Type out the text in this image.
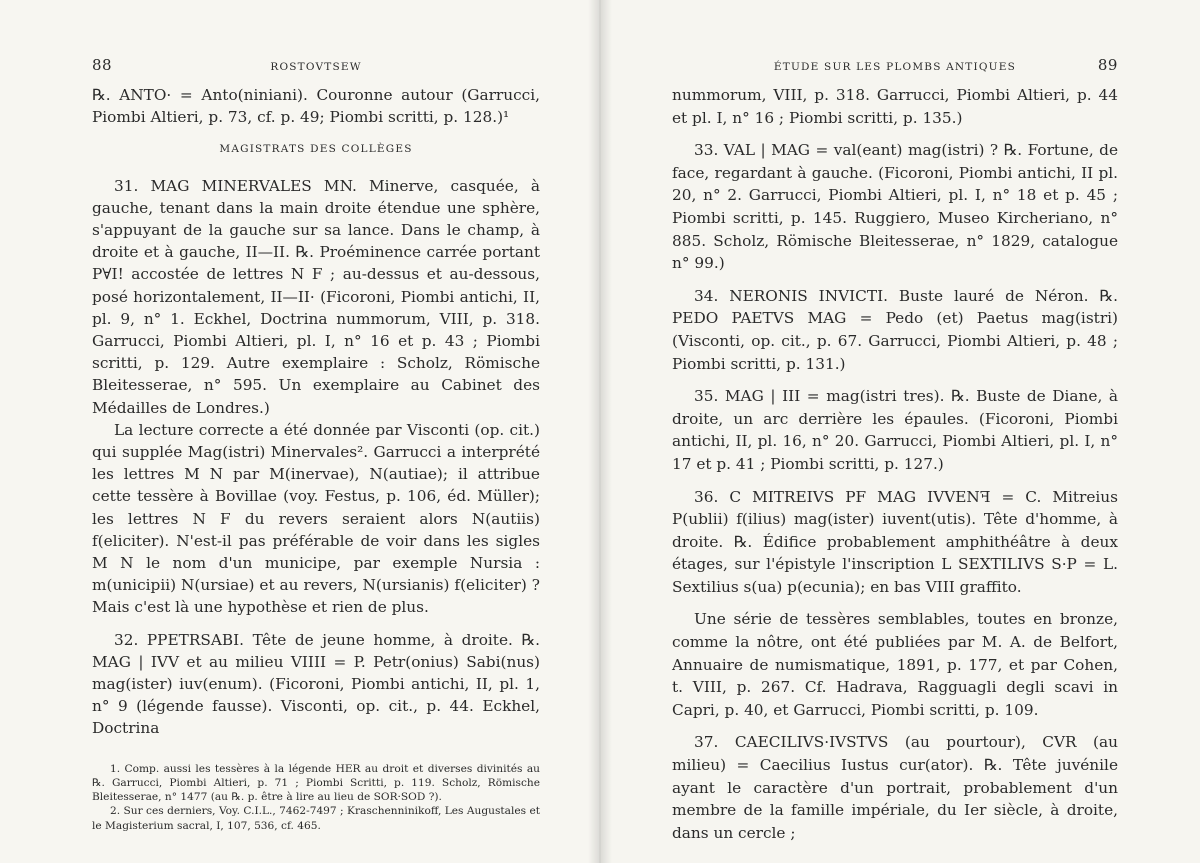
88	ROSTOVTSEW

℞. ANTO· = Anto(niniani). Couronne autour (Garrucci, Piombi Altieri, p. 73, cf. p. 49; Piombi scritti, p. 128.)¹

MAGISTRATS DES COLLÈGES

31. MAG MINERVALES MN. Minerve, casquée, à gauche, tenant dans la main droite étendue une sphère, s'appuyant de la gauche sur sa lance. Dans le champ, à droite et à gauche, II—II. ℞. Proéminence carrée portant P∀I! accostée de lettres N F ; au-dessus et au-dessous, posé horizontalement, II—II· (Ficoroni, Piombi antichi, II, pl. 9, n° 1. Eckhel, Doctrina nummorum, VIII, p. 318. Garrucci, Piombi Altieri, pl. I, n° 16 et p. 43 ; Piombi scritti, p. 129. Autre exemplaire : Scholz, Römische Bleitesserae, n° 595. Un exemplaire au Cabinet des Médailles de Londres.)

La lecture correcte a été donnée par Visconti (op. cit.) qui supplée Mag(istri) Minervales². Garrucci a interprété les lettres M N par M(inervae), N(autiae); il attribue cette tessère à Bovillae (voy. Festus, p. 106, éd. Müller); les lettres N F du revers seraient alors N(autiis) f(eliciter). N'est-il pas préférable de voir dans les sigles M N le nom d'un municipe, par exemple Nursia : m(unicipii) N(ursiae) et au revers, N(ursianis) f(eliciter) ? Mais c'est là une hypothèse et rien de plus.

32. PPETRSABI. Tête de jeune homme, à droite. ℞. MAG | IVV et au milieu VIIII = P. Petr(onius) Sabi(nus) mag(ister) iuv(enum). (Ficoroni, Piombi antichi, II, pl. 1, n° 9 (légende fausse). Visconti, op. cit., p. 44. Eckhel, Doctrina

1. Comp. aussi les tessères à la légende HER au droit et diverses divinités au ℞. Garrucci, Piombi Altieri, p. 71 ; Piombi Scritti, p. 119. Scholz, Römische Bleitesserae, n° 1477 (au ℞. p. être à lire au lieu de SOR·SOD ?).

2. Sur ces derniers, Voy. C.I.L., 7462-7497 ; Kraschenninikoff, Les Augustales et le Magisterium sacral, I, 107, 536, cf. 465.

ÉTUDE SUR LES PLOMBS ANTIQUES	89

nummorum, VIII, p. 318. Garrucci, Piombi Altieri, p. 44 et pl. I, n° 16 ; Piombi scritti, p. 135.)

33. VAL | MAG = val(eant) mag(istri) ? ℞. Fortune, de face, regardant à gauche. (Ficoroni, Piombi antichi, II pl. 20, n° 2. Garrucci, Piombi Altieri, pl. I, n° 18 et p. 45 ; Piombi scritti, p. 145. Ruggiero, Museo Kircheriano, n° 885. Scholz, Römische Bleitesserae, n° 1829, catalogue n° 99.)

34. NERONIS INVICTI. Buste lauré de Néron. ℞. PEDO PAETVS MAG = Pedo (et) Paetus mag(istri) (Visconti, op. cit., p. 67. Garrucci, Piombi Altieri, p. 48 ; Piombi scritti, p. 131.)

35. MAG | III = mag(istri tres). ℞. Buste de Diane, à droite, un arc derrière les épaules. (Ficoroni, Piombi antichi, II, pl. 16, n° 20. Garrucci, Piombi Altieri, pl. I, n° 17 et p. 41 ; Piombi scritti, p. 127.)

36. C MITREIVS PF MAG IVVENꟻ = C. Mitreius P(ublii) f(ilius) mag(ister) iuvent(utis). Tête d'homme, à droite. ℞. Édifice probablement amphithéâtre à deux étages, sur l'épistyle l'inscription L SEXTILIVS S·P = L. Sextilius s(ua) p(ecunia); en bas VIII graffito.

Une série de tessères semblables, toutes en bronze, comme la nôtre, ont été publiées par M. A. de Belfort, Annuaire de numismatique, 1891, p. 177, et par Cohen, t. VIII, p. 267. Cf. Hadrava, Ragguagli degli scavi in Capri, p. 40, et Garrucci, Piombi scritti, p. 109.

37. CAECILIVS·IVSTVS (au pourtour), CVR (au milieu) = Caecilius Iustus cur(ator). ℞. Tête juvénile ayant le caractère d'un portrait, probablement d'un membre de la famille impériale, du Ier siècle, à droite, dans un cercle ;
